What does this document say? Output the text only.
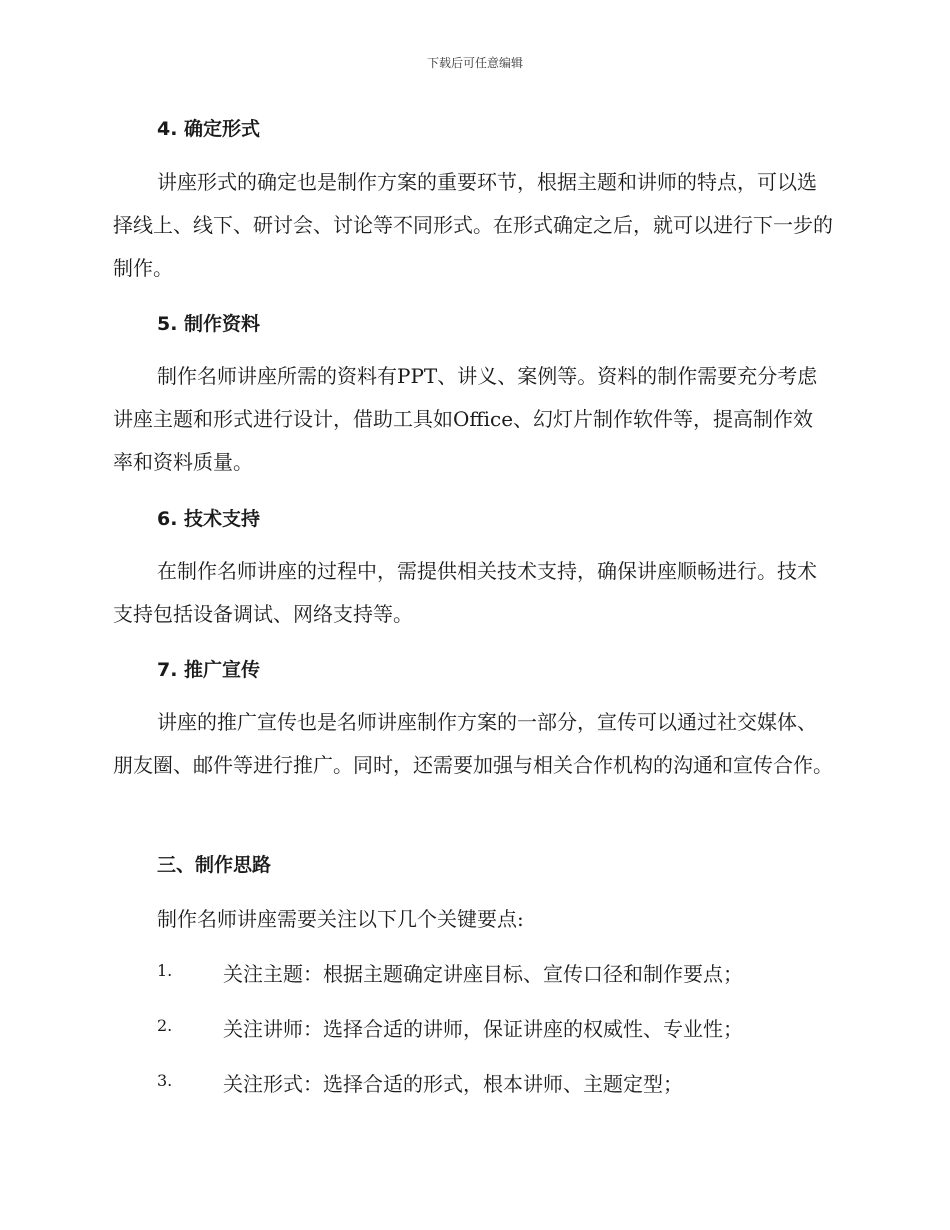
下载后可任意编辑
4. 确定形式
讲座形式的确定也是制作方案的重要环节，根据主题和讲师的特点，可以选择线上、线下、研讨会、讨论等不同形式。在形式确定之后，就可以进行下一步的制作。
5. 制作资料
制作名师讲座所需的资料有PPT、讲义、案例等。资料的制作需要充分考虑讲座主题和形式进行设计，借助工具如Office、幻灯片制作软件等，提高制作效率和资料质量。
6. 技术支持
在制作名师讲座的过程中，需提供相关技术支持，确保讲座顺畅进行。技术支持包括设备调试、网络支持等。
7. 推广宣传
讲座的推广宣传也是名师讲座制作方案的一部分，宣传可以通过社交媒体、朋友圈、邮件等进行推广。同时，还需要加强与相关合作机构的沟通和宣传合作。
三、制作思路
制作名师讲座需要关注以下几个关键要点:
1.	关注主题：根据主题确定讲座目标、宣传口径和制作要点；
2.	关注讲师：选择合适的讲师，保证讲座的权威性、专业性；
3.	关注形式：选择合适的形式，根本讲师、主题定型；
